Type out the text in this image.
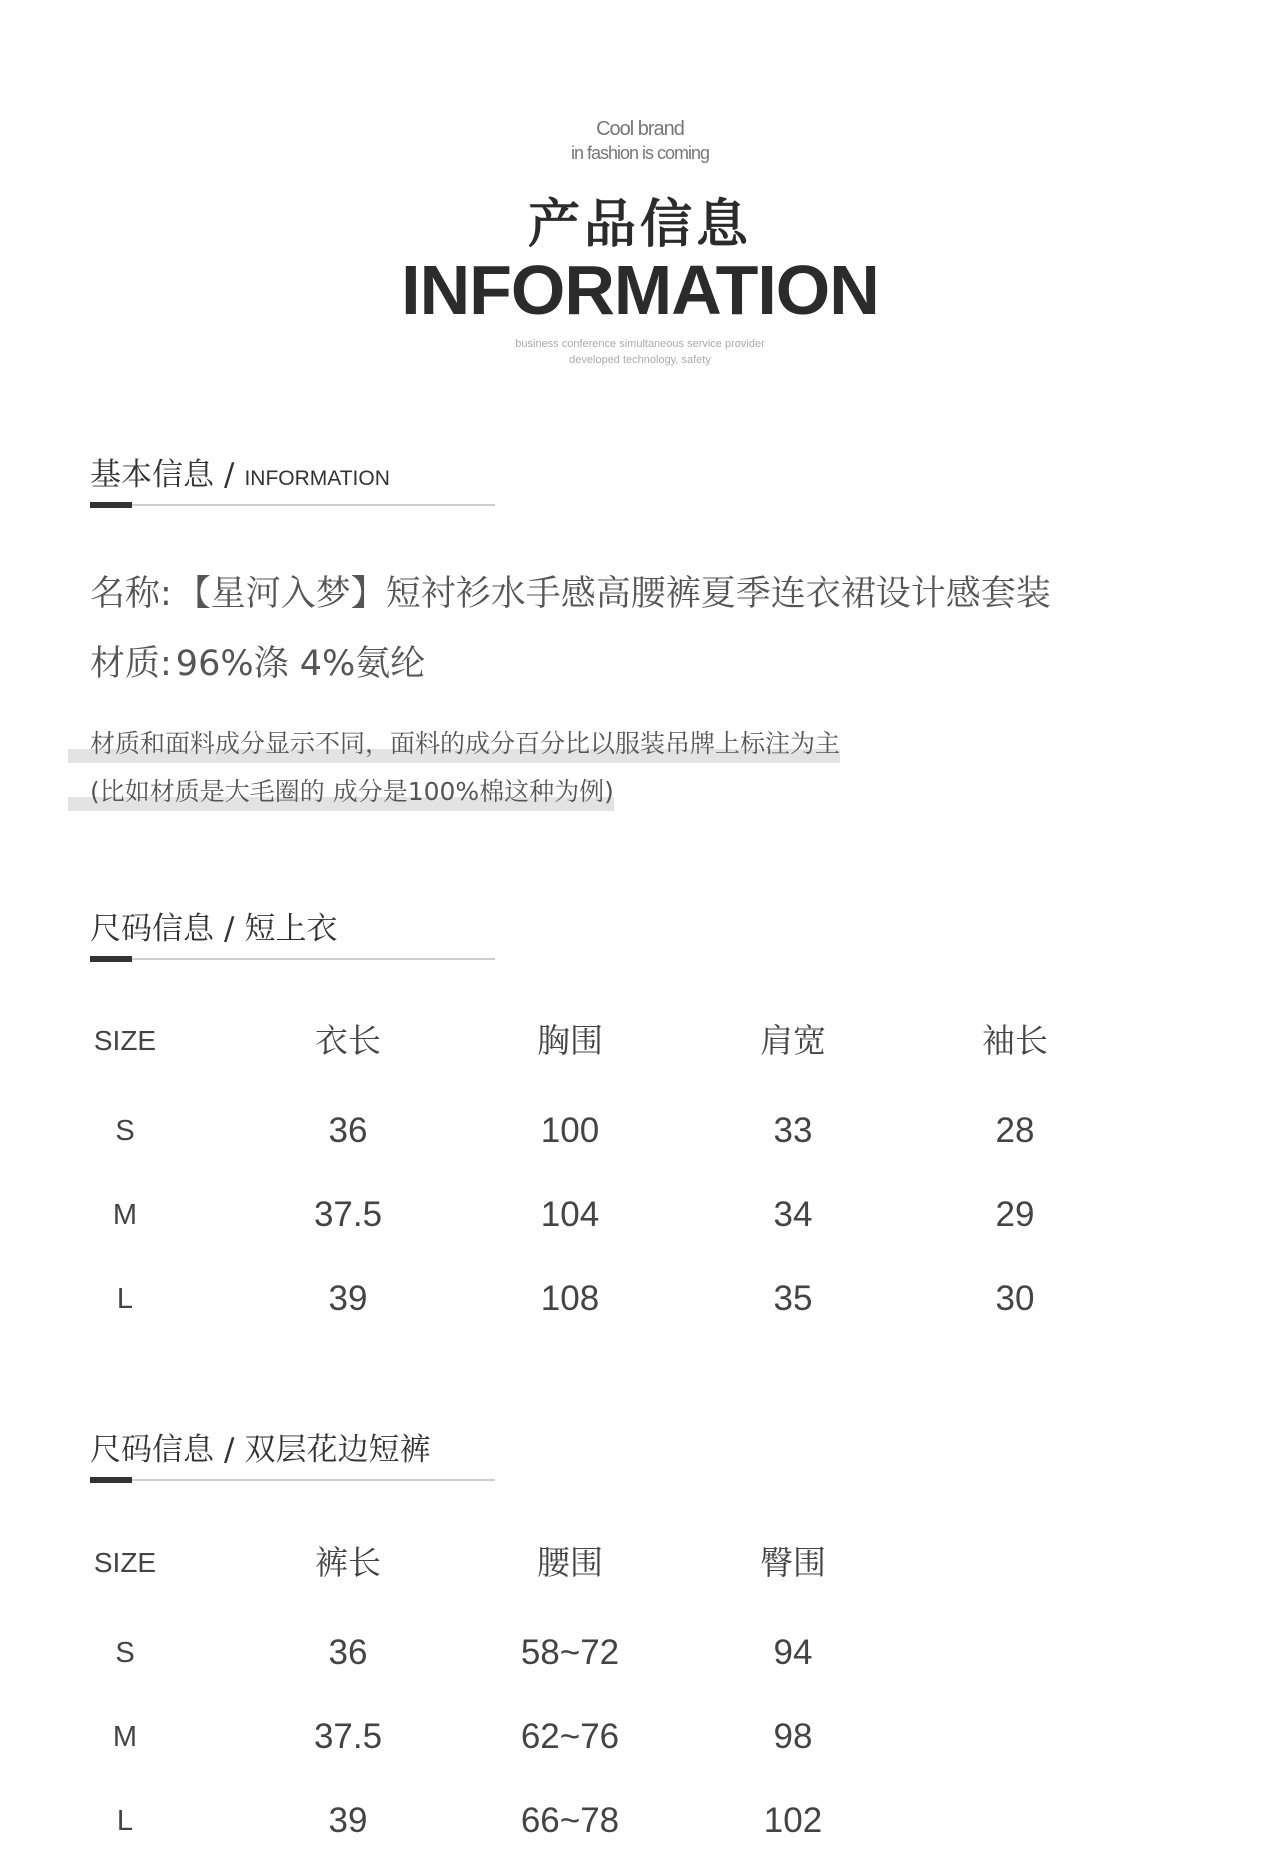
Cool brand
in fashion is coming
产品信息
INFORMATION
business conference simultaneous service provider
developed technology, safety
基本信息 / INFORMATION
名称: 【星河入梦】短衬衫水手感高腰裤夏季连衣裙设计感套装
材质: 96%涤 4%氨纶
材质和面料成分显示不同，面料的成分百分比以服装吊牌上标注为主
(比如材质是大毛圈的 成分是100%棉这种为例)
尺码信息 / 短上衣
SIZE	衣长	胸围	肩宽	袖长
S	36	100	33	28
M	37.5	104	34	29
L	39	108	35	30
尺码信息 / 双层花边短裤
SIZE	裤长	腰围	臀围
S	36	58~72	94
M	37.5	62~76	98
L	39	66~78	102
